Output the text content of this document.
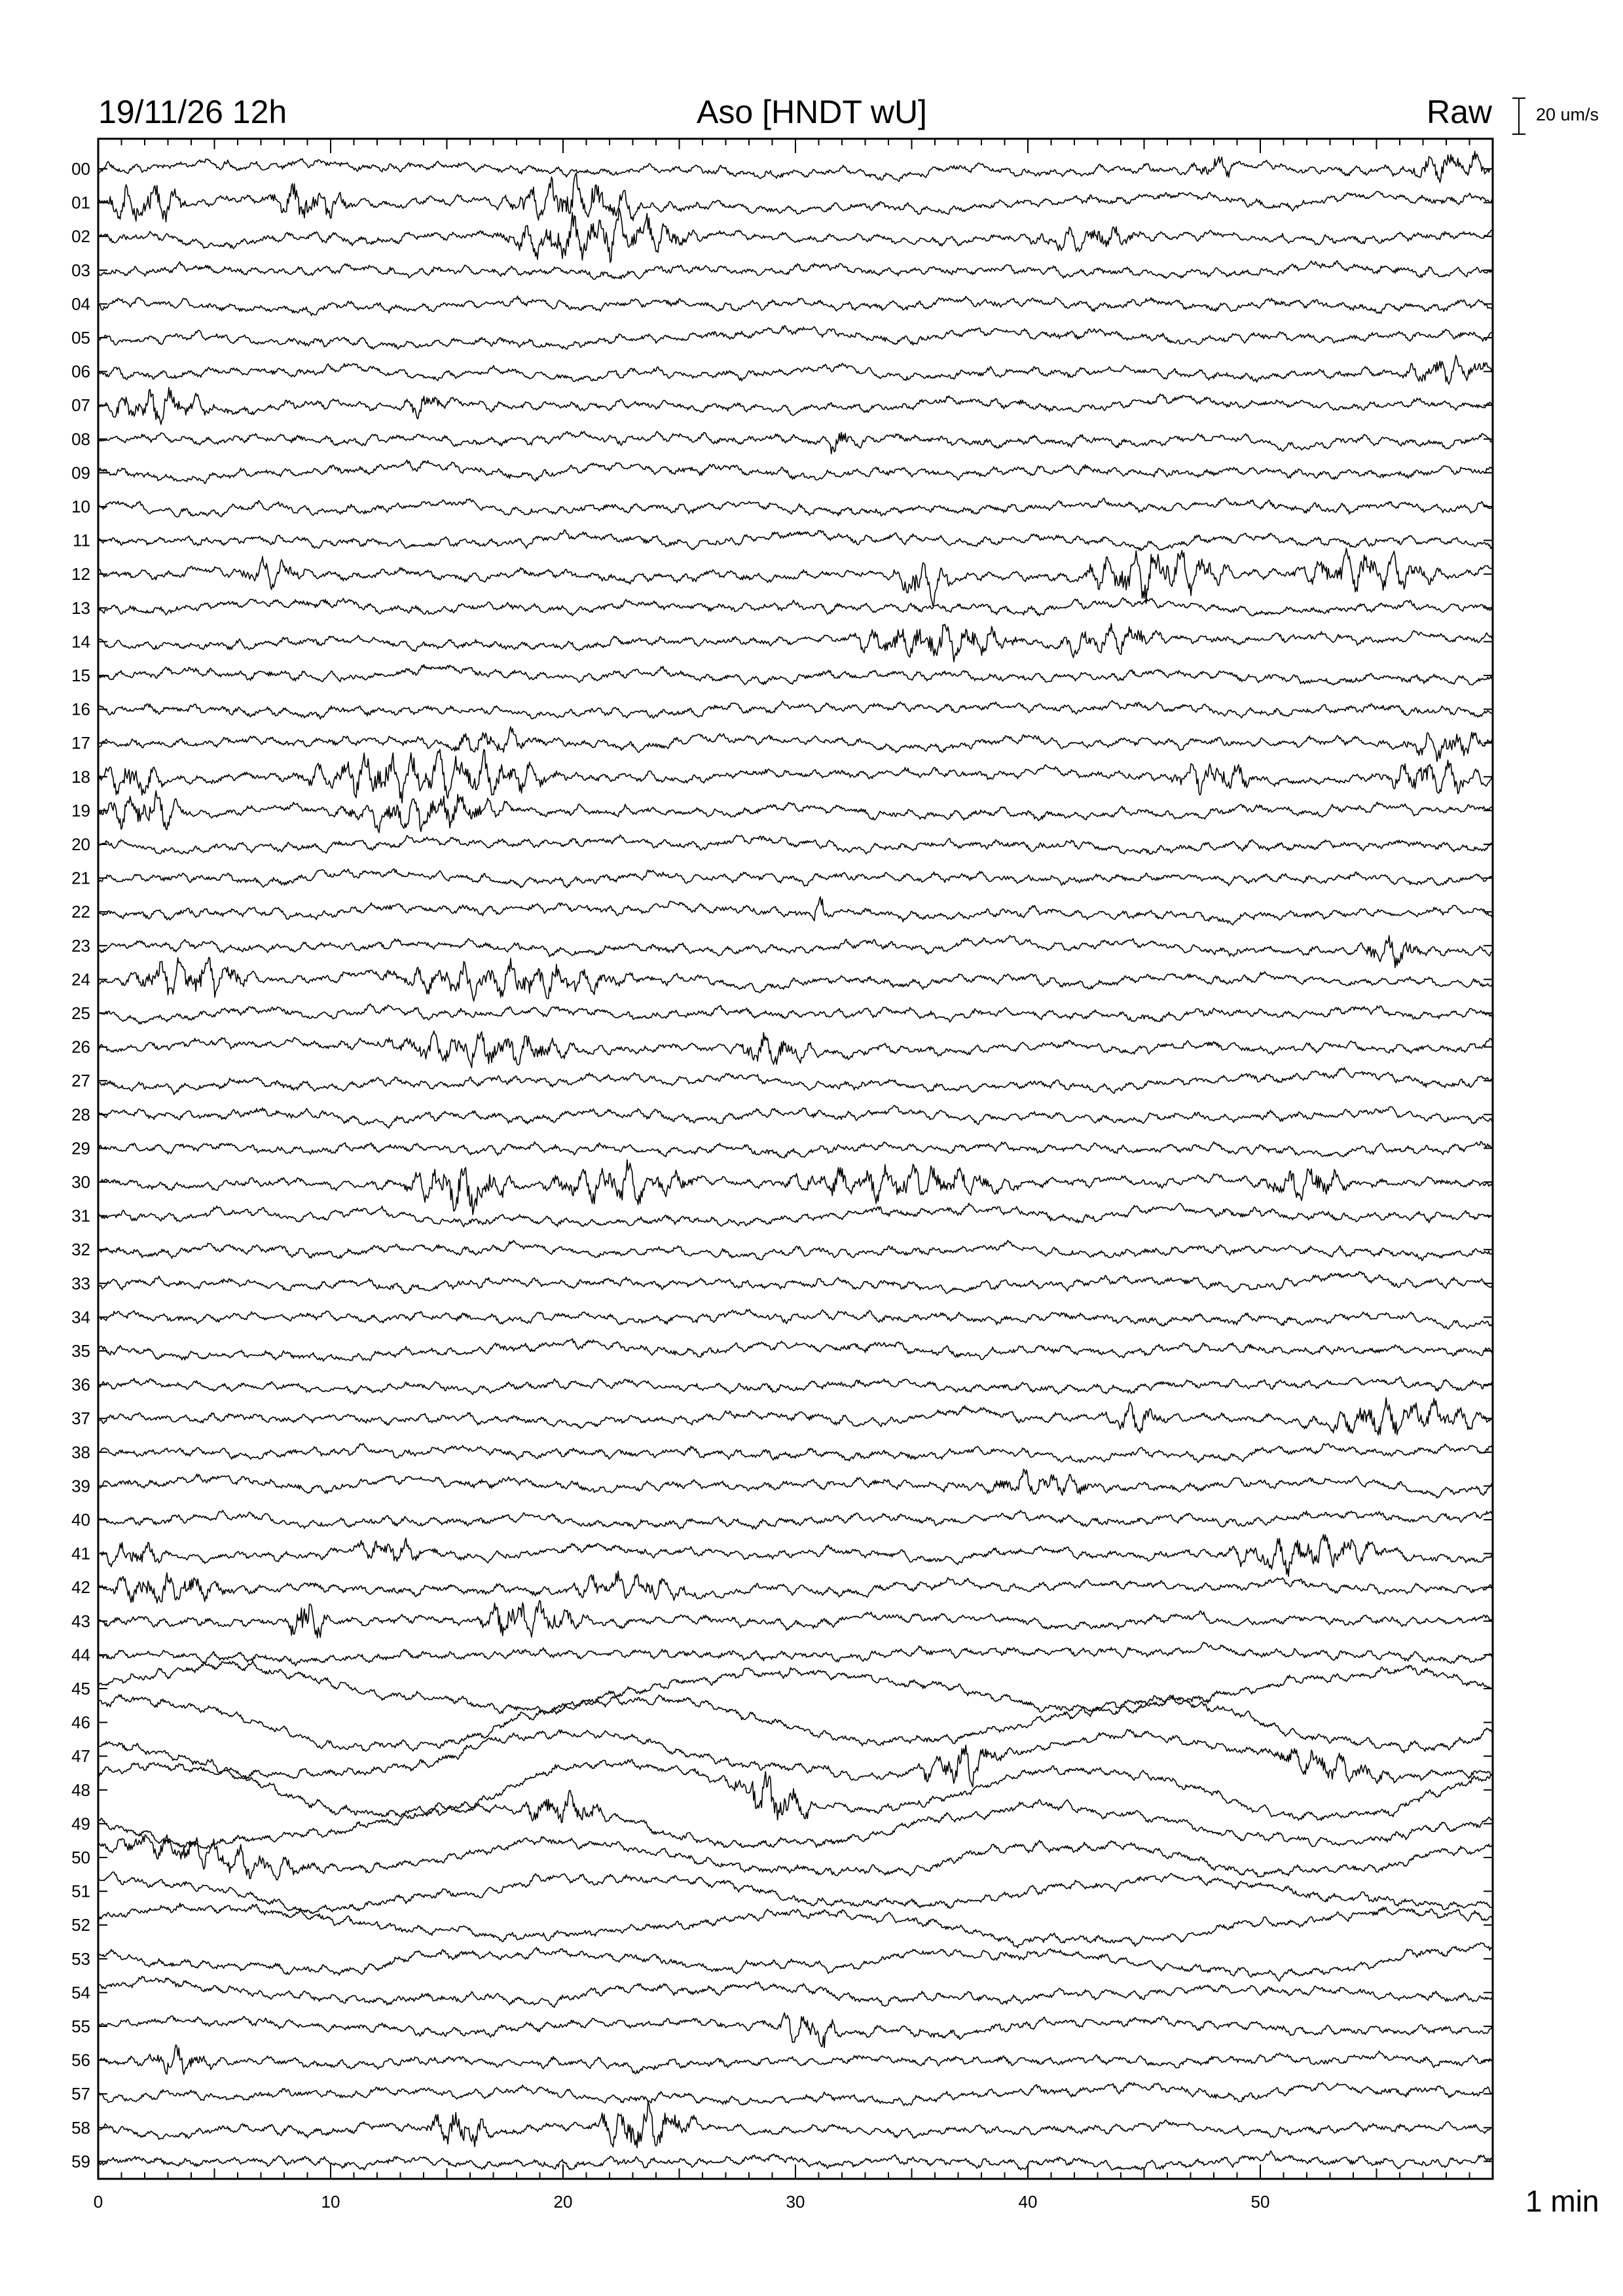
00
01
02
03
04
05
06
07
08
09
10
11
12
13
14
15
16
17
18
19
20
21
22
23
24
25
26
27
28
29
30
31
32
33
34
35
36
37
38
39
40
41
42
43
44
45
46
47
48
49
50
51
52
53
54
55
56
57
58
59
0	10	20	30	40	50
19/11/26 12h	Aso [HNDT wU]	Raw 20 um/s
1 min
